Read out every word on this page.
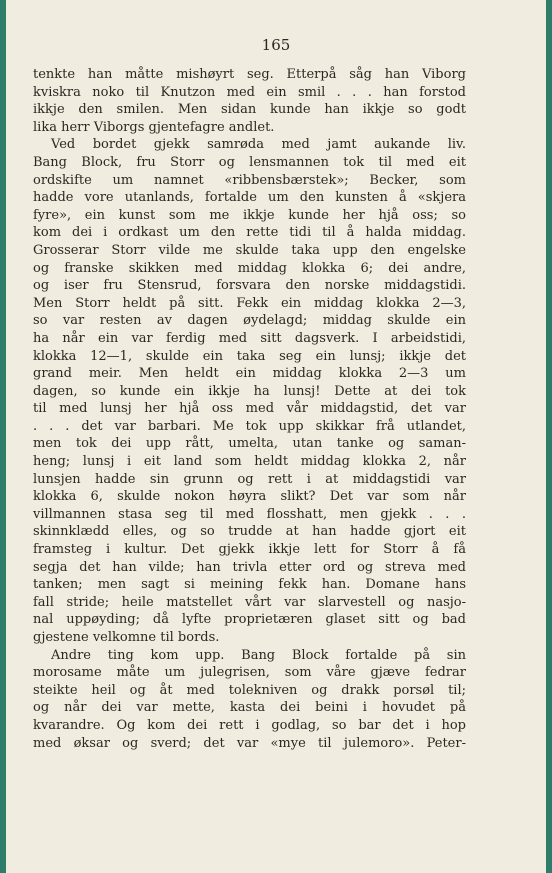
165
tenkte han måtte mishøyrt seg. Etterpå såg han Viborg
kviskra noko til Knutzon med ein smil . . . han forstod
ikkje den smilen. Men sidan kunde han ikkje so godt
lika herr Viborgs gjentefagre andlet.
Ved bordet gjekk samrøda med jamt aukande liv.
Bang Block, fru Storr og lensmannen tok til med eit
ordskifte um namnet «ribbensbærstek»; Becker, som
hadde vore utanlands, fortalde um den kunsten å «skjera
fyre», ein kunst som me ikkje kunde her hjå oss; so
kom dei i ordkast um den rette tidi til å halda middag.
Grosserar Storr vilde me skulde taka upp den engelske
og franske skikken med middag klokka 6; dei andre,
og iser fru Stensrud, forsvara den norske middagstidi.
Men Storr heldt på sitt. Fekk ein middag klokka 2—3,
so var resten av dagen øydelagd; middag skulde ein
ha når ein var ferdig med sitt dagsverk. I arbeidstidi,
klokka 12—1, skulde ein taka seg ein lunsj; ikkje det
grand meir. Men heldt ein middag klokka 2—3 um
dagen, so kunde ein ikkje ha lunsj! Dette at dei tok
til med lunsj her hjå oss med vår middagstid, det var
. . . det var barbari. Me tok upp skikkar frå utlandet,
men tok dei upp rått, umelta, utan tanke og saman-
heng; lunsj i eit land som heldt middag klokka 2, når
lunsjen hadde sin grunn og rett i at middagstidi var
klokka 6, skulde nokon høyra slikt? Det var som når
villmannen stasa seg til med flosshatt, men gjekk . . .
skinnklædd elles, og so trudde at han hadde gjort eit
framsteg i kultur. Det gjekk ikkje lett for Storr å få
segja det han vilde; han trivla etter ord og streva med
tanken; men sagt si meining fekk han. Domane hans
fall stride; heile matstellet vårt var slarvestell og nasjo-
nal uppøyding; då lyfte proprietæren glaset sitt og bad
gjestene velkomne til bords.
Andre ting kom upp. Bang Block fortalde på sin
morosame måte um julegrisen, som våre gjæve fedrar
steikte heil og åt med tolekniven og drakk porsøl til;
og når dei var mette, kasta dei beini i hovudet på
kvarandre. Og kom dei rett i godlag, so bar det i hop
med øksar og sverd; det var «mye til julemoro». Peter-
